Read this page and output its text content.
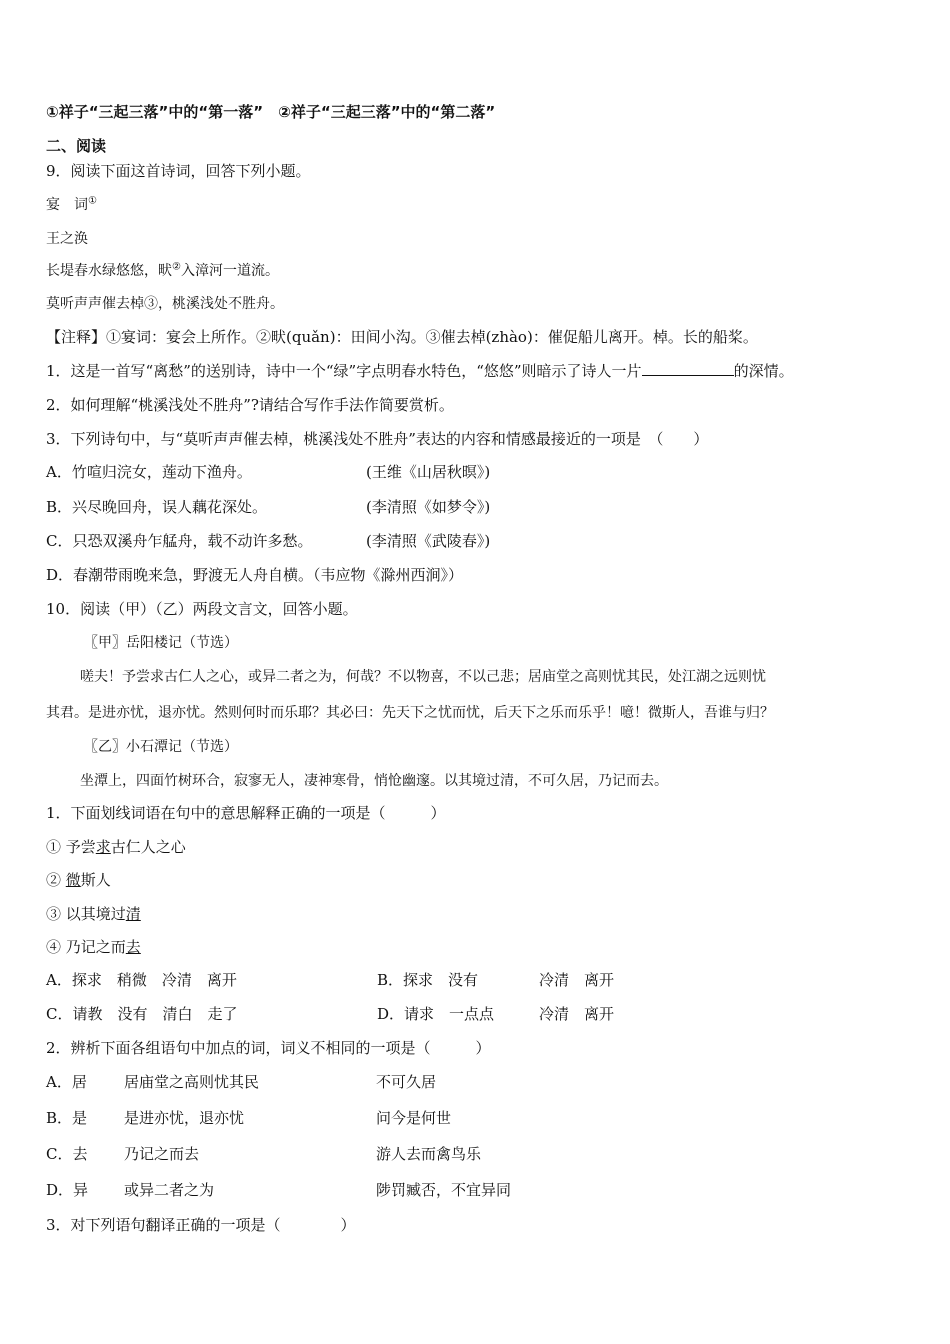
①祥子“三起三落”中的“第一落”　②祥子“三起三落”中的“第二落”
二、阅读
9．阅读下面这首诗词，回答下列小题。
宴　词①
王之涣
长堤春水绿悠悠，畎②入漳河一道流。
莫听声声催去棹③，桃溪浅处不胜舟。
【注释】①宴词：宴会上所作。②畎(quǎn)：田间小沟。③催去棹(zhào)：催促船儿离开。棹。长的船桨。
1．这是一首写“离愁”的送别诗，诗中一个“绿”字点明春水特色，“悠悠”则暗示了诗人一片	的深情。
2．如何理解“桃溪浅处不胜舟”?请结合写作手法作简要赏析。
3．下列诗句中，与“莫听声声催去棹，桃溪浅处不胜舟”表达的内容和情感最接近的一项是　（　　）
A．竹喧归浣女，莲动下渔舟。	(王维《山居秋暝》)
B．兴尽晚回舟，误人藕花深处。	(李清照《如梦令》)
C．只恐双溪舟乍艋舟，载不动许多愁。	(李清照《武陵春》)
D．春潮带雨晚来急，野渡无人舟自横。（韦应物《滁州西涧》）
10．阅读（甲）（乙）两段文言文，回答小题。
〖甲〗岳阳楼记（节选）
嗟夫！予尝求古仁人之心，或异二者之为，何哉？不以物喜，不以己悲；居庙堂之高则忧其民，处江湖之远则忧
其君。是进亦忧，退亦忧。然则何时而乐耶？其必曰：先天下之忧而忧，后天下之乐而乐乎！噫！微斯人，吾谁与归？
〖乙〗小石潭记（节选）
坐潭上，四面竹树环合，寂寥无人，凄神寒骨，悄怆幽邃。以其境过清，不可久居，乃记而去。
1．下面划线词语在句中的意思解释正确的一项是（　　　）
① 予尝求古仁人之心
② 微斯人
③ 以其境过清
④ 乃记之而去
A．探求　稍微　冷清　离开	B．探求　没有	冷清　离开
C．请教　没有　清白　走了	D．请求　一点点	冷清　离开
2．辨析下面各组语句中加点的词，词义不相同的一项是（　　　）
A．居 居庙堂之高则忧其民	不可久居
B．是 是进亦忧，退亦忧	问今是何世
C．去 乃记之而去	游人去而禽鸟乐
D．异 或异二者之为	陟罚臧否，不宜异同
3．对下列语句翻译正确的一项是（　　　　）
